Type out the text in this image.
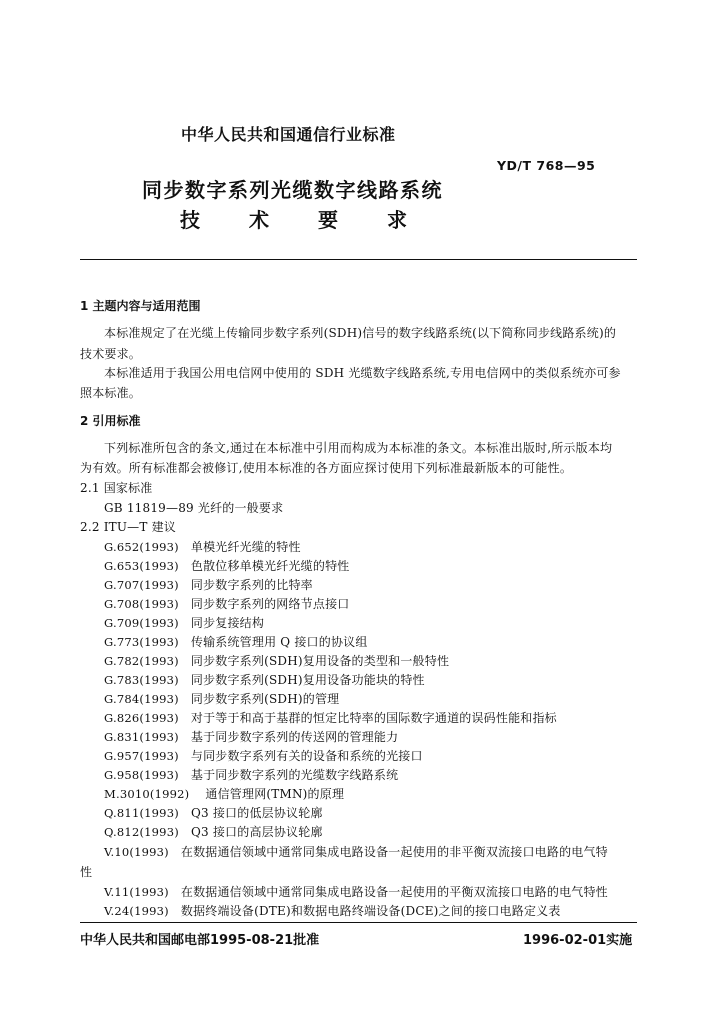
中华人民共和国通信行业标准
YD/T 768—95
同步数字系列光缆数字线路系统
技术要求
1 主题内容与适用范围
本标准规定了在光缆上传输同步数字系列(SDH)信号的数字线路系统(以下简称同步线路系统)的
技术要求。
本标准适用于我国公用电信网中使用的 SDH 光缆数字线路系统,专用电信网中的类似系统亦可参
照本标准。
2 引用标准
下列标准所包含的条文,通过在本标准中引用而构成为本标准的条文。本标准出版时,所示版本均
为有效。所有标准都会被修订,使用本标准的各方面应探讨使用下列标准最新版本的可能性。
2.1 国家标准
GB 11819—89 光纤的一般要求
2.2 ITU—T 建议
G.652(1993) 单模光纤光缆的特性
G.653(1993) 色散位移单模光纤光缆的特性
G.707(1993) 同步数字系列的比特率
G.708(1993) 同步数字系列的网络节点接口
G.709(1993) 同步复接结构
G.773(1993) 传输系统管理用 Q 接口的协议组
G.782(1993) 同步数字系列(SDH)复用设备的类型和一般特性
G.783(1993) 同步数字系列(SDH)复用设备功能块的特性
G.784(1993) 同步数字系列(SDH)的管理
G.826(1993) 对于等于和高于基群的恒定比特率的国际数字通道的误码性能和指标
G.831(1993) 基于同步数字系列的传送网的管理能力
G.957(1993) 与同步数字系列有关的设备和系统的光接口
G.958(1993) 基于同步数字系列的光缆数字线路系统
M.3010(1992) 通信管理网(TMN)的原理
Q.811(1993) Q3 接口的低层协议轮廓
Q.812(1993) Q3 接口的高层协议轮廓
V.10(1993) 在数据通信领域中通常同集成电路设备一起使用的非平衡双流接口电路的电气特
性
V.11(1993) 在数据通信领域中通常同集成电路设备一起使用的平衡双流接口电路的电气特性
V.24(1993) 数据终端设备(DTE)和数据电路终端设备(DCE)之间的接口电路定义表
中华人民共和国邮电部1995-08-21批准	1996-02-01实施
